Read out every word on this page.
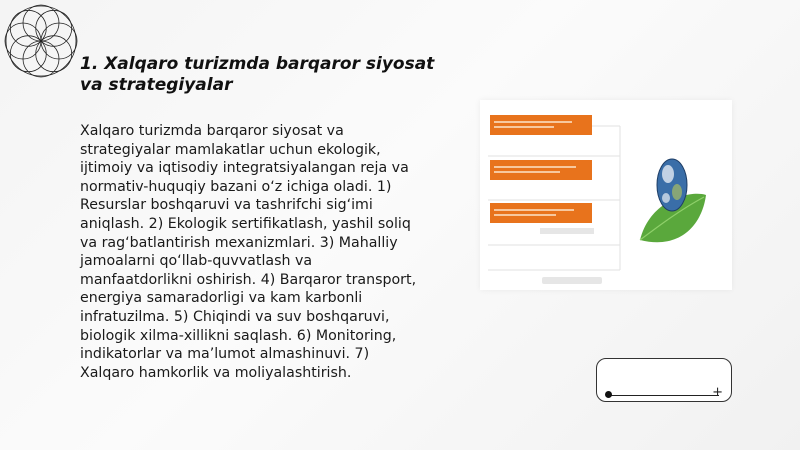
1. Xalqaro turizmda barqaror siyosat va strategiyalar

Xalqaro turizmda barqaror siyosat va strategiyalar mamlakatlar uchun ekologik, ijtimoiy va iqtisodiy integratsiyalangan reja va normativ-huquqiy bazani o‘z ichiga oladi. 1) Resurslar boshqaruvi va tashrifchi sig‘imi aniqlash. 2) Ekologik sertifikatlash, yashil soliq va rag‘batlantirish mexanizmlari. 3) Mahalliy jamoalarni qo‘llab-quvvatlash va manfaatdorlikni oshirish. 4) Barqaror transport, energiya samaradorligi va kam karbonli infratuzilma. 5) Chiqindi va suv boshqaruvi, biologik xilma-xillikni saqlash. 6) Monitoring, indikatorlar va ma’lumot almashinuvi. 7) Xalqaro hamkorlik va moliyalashtirish.

+
